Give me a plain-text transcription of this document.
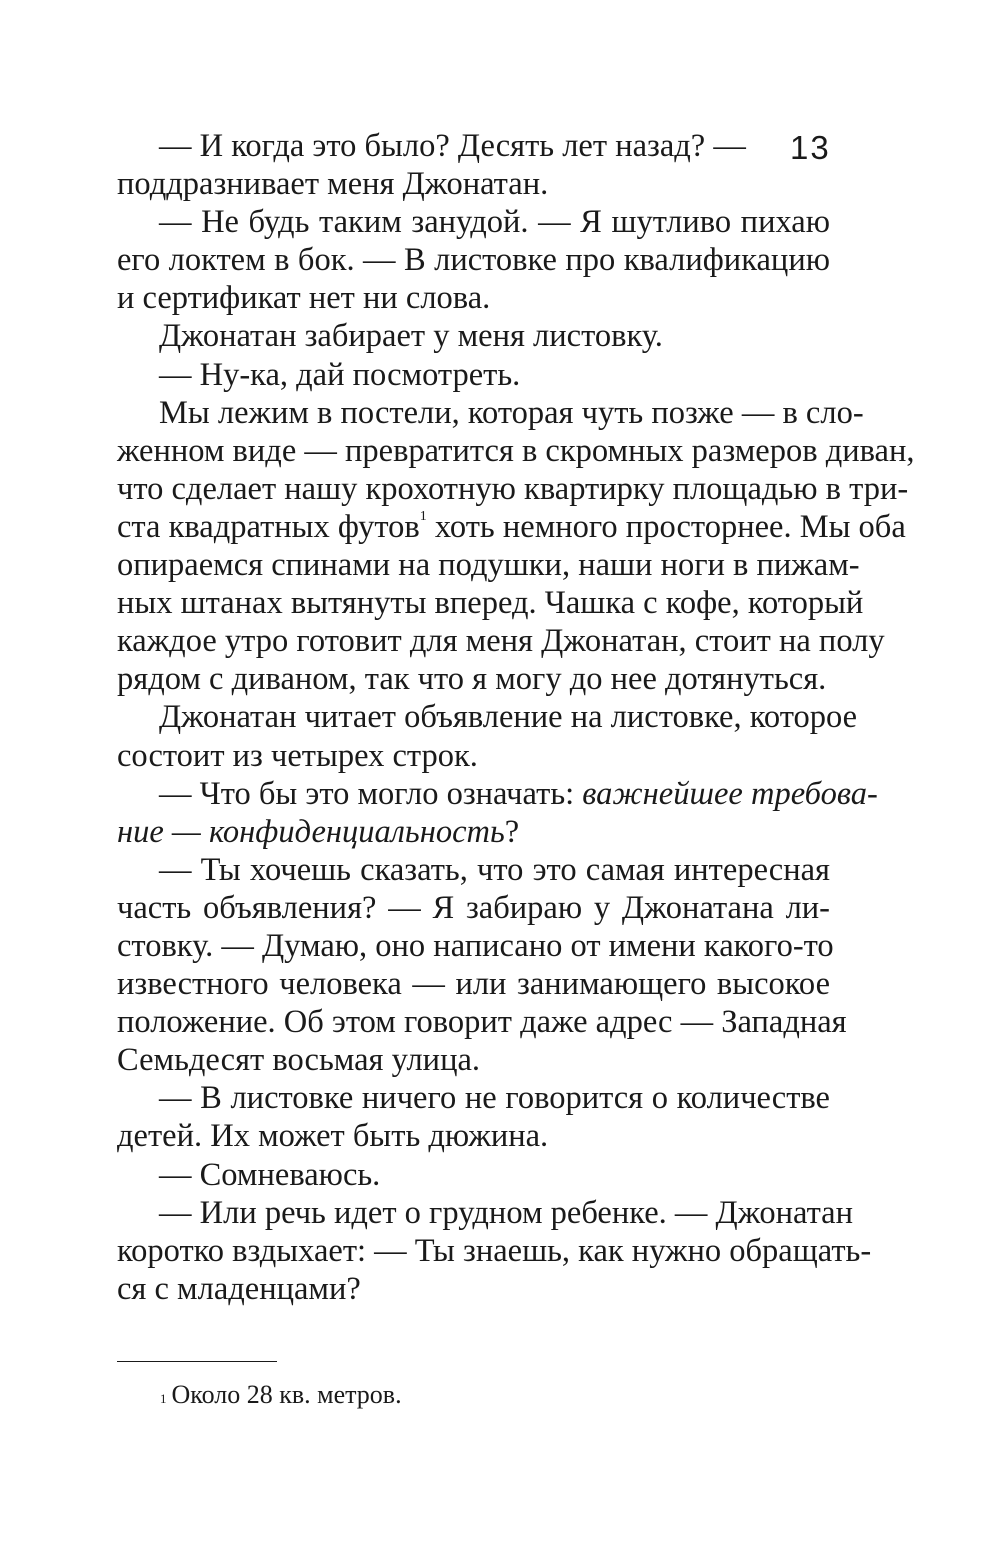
13
— И когда это было? Десять лет назад? —
поддразнивает меня Джонатан.
— Не будь таким занудой. — Я шутливо пихаю
его локтем в бок. — В листовке про квалификацию
и сертификат нет ни слова.
Джонатан забирает у меня листовку.
— Ну-ка, дай посмотреть.
Мы лежим в постели, которая чуть позже — в сло-
женном виде — превратится в скромных размеров диван,
что сделает нашу крохотную квартирку площадью в три-
ста квадратных футов$^1$ хоть немного просторнее. Мы оба
опираемся спинами на подушки, наши ноги в пижам-
ных штанах вытянуты вперед. Чашка с кофе, который
каждое утро готовит для меня Джонатан, стоит на полу
рядом с диваном, так что я могу до нее дотянуться.
Джонатан читает объявление на листовке, которое
состоит из четырех строк.
— Что бы это могло означать: важнейшее требова-
ние — конфиденциальность?
— Ты хочешь сказать, что это самая интересная
часть объявления? — Я забираю у Джонатана ли-
стовку. — Думаю, оно написано от имени какого-то
известного человека — или занимающего высокое
положение. Об этом говорит даже адрес — Западная
Семьдесят восьмая улица.
— В листовке ничего не говорится о количестве
детей. Их может быть дюжина.
— Сомневаюсь.
— Или речь идет о грудном ребенке. — Джонатан
коротко вздыхает: — Ты знаешь, как нужно обращать-
ся с младенцами?
$^1$ Около 28 кв. метров.
